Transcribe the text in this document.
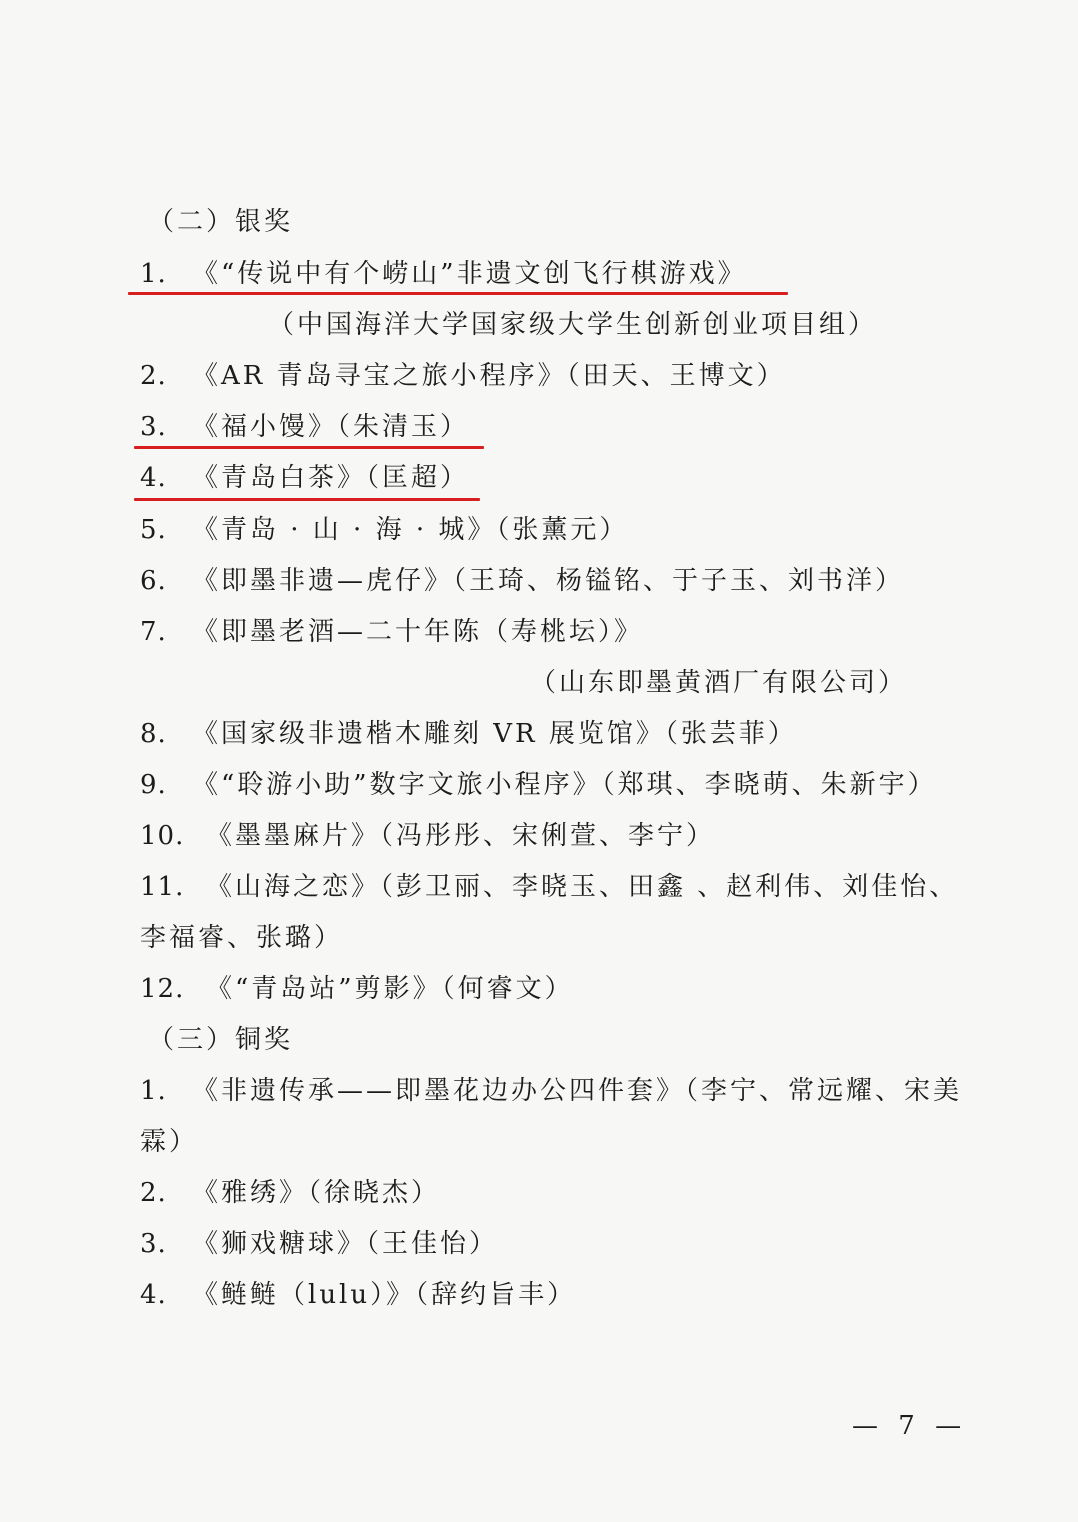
（二）银奖
1. 《“传说中有个崂山”非遗文创飞行棋游戏》
（中国海洋大学国家级大学生创新创业项目组）
2. 《AR 青岛寻宝之旅小程序》（田天、王博文）
3. 《福小馒》（朱清玉）
4. 《青岛白茶》（匡超）
5. 《青岛 · 山 · 海 · 城》（张薰元）
6. 《即墨非遗—虎仔》（王琦、杨镒铭、于子玉、刘书洋）
7. 《即墨老酒—二十年陈（寿桃坛）》
（山东即墨黄酒厂有限公司）
8. 《国家级非遗楷木雕刻 VR 展览馆》（张芸菲）
9. 《“聆游小助”数字文旅小程序》（郑琪、李晓萌、朱新宇）
10. 《墨墨麻片》（冯彤彤、宋俐萱、李宁）
11. 《山海之恋》（彭卫丽、李晓玉、田鑫 、赵利伟、刘佳怡、
李福睿、张璐）
12. 《“青岛站”剪影》（何睿文）
（三）铜奖
1. 《非遗传承——即墨花边办公四件套》（李宁、常远耀、宋美
霖）
2. 《雅绣》（徐晓杰）
3. 《狮戏糖球》（王佳怡）
4. 《鲢鲢（lulu）》（辞约旨丰）
— 7 —
